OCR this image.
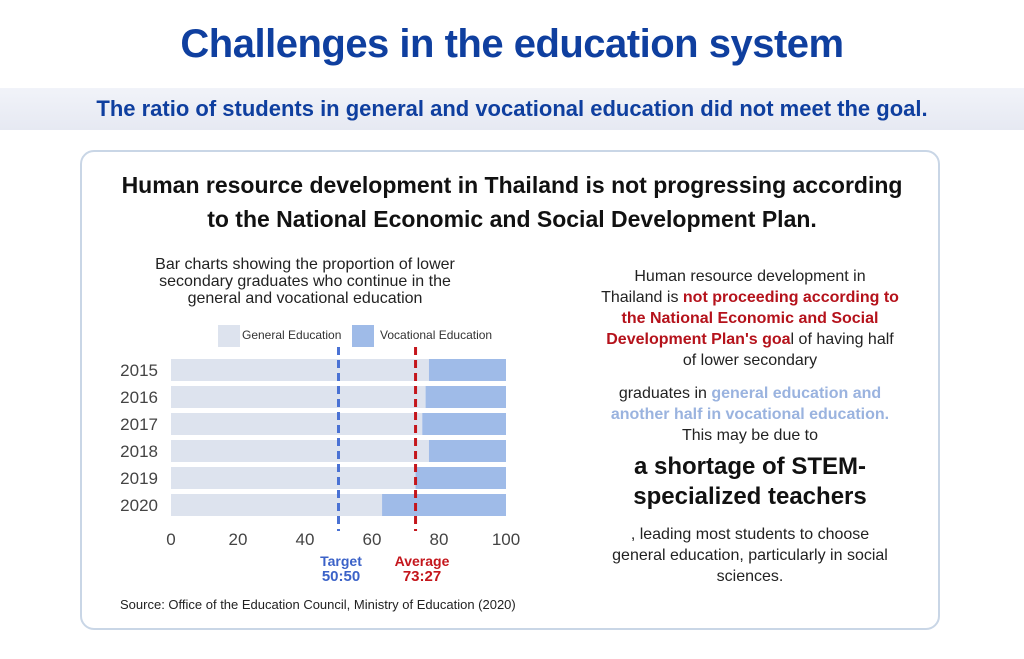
Challenges in the education system
The ratio of students in general and vocational education did not meet the goal.
Human resource development in Thailand is not progressing according
to the National Economic and Social Development Plan.
Bar charts showing the proportion of lower
secondary graduates who continue in the
general and vocational education
General Education	Vocational Education
2015
2016
2017
2018
2019
2020
0	20	40	60	80	100
Target
50:50
Average
73:27
Source: Office of the Education Council, Ministry of Education (2020)
Human resource development in
Thailand is not proceeding according to
the National Economic and Social
Development Plan's goal of having half
of lower secondary
graduates in general education and
another half in vocational education.
This may be due to
a shortage of STEM-
specialized teachers
, leading most students to choose
general education, particularly in social
sciences.
